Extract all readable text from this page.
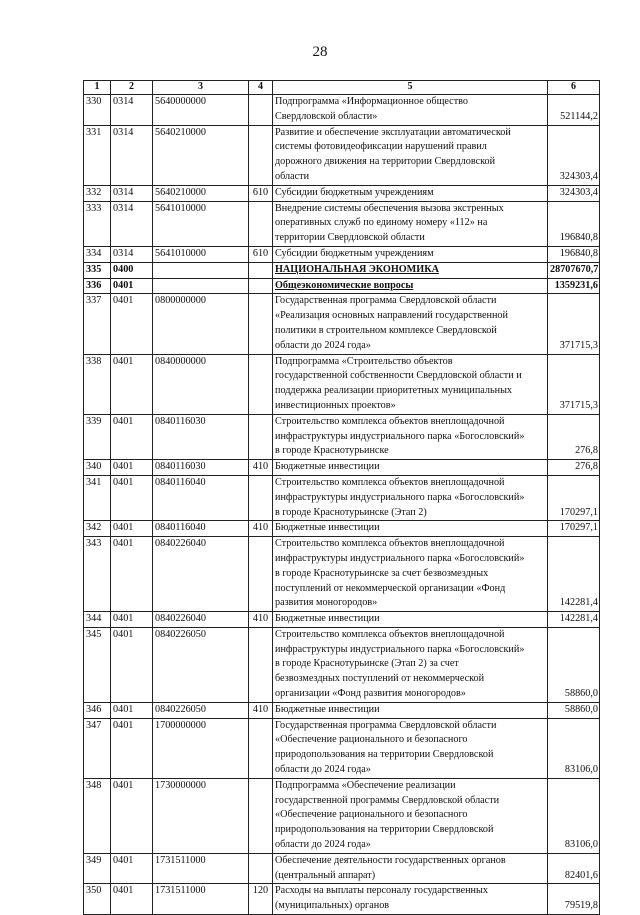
28
1	2	3	4	5	6
330	0314	5640000000		Подпрограмма «Информационное общество
Свердловской области»	521144,2
331	0314	5640210000		Развитие и обеспечение эксплуатации автоматической
системы фотовидеофиксации нарушений правил
дорожного движения на территории Свердловской
области	324303,4
332	0314	5640210000	610	Субсидии бюджетным учреждениям	324303,4
333	0314	5641010000		Внедрение системы обеспечения вызова экстренных
оперативных служб по единому номеру «112» на
территории Свердловской области	196840,8
334	0314	5641010000	610	Субсидии бюджетным учреждениям	196840,8
335	0400			НАЦИОНАЛЬНАЯ ЭКОНОМИКА	28707670,7
336	0401			Общеэкономические вопросы	1359231,6
337	0401	0800000000		Государственная программа Свердловской области
«Реализация основных направлений государственной
политики в строительном комплексе Свердловской
области до 2024 года»	371715,3
338	0401	0840000000		Подпрограмма «Строительство объектов
государственной собственности Свердловской области и
поддержка реализации приоритетных муниципальных
инвестиционных проектов»	371715,3
339	0401	0840116030		Строительство комплекса объектов внеплощадочной
инфраструктуры индустриального парка «Богословский»
в городе Краснотурьинске	276,8
340	0401	0840116030	410	Бюджетные инвестиции	276,8
341	0401	0840116040		Строительство комплекса объектов внеплощадочной
инфраструктуры индустриального парка «Богословский»
в городе Краснотурьинске (Этап 2)	170297,1
342	0401	0840116040	410	Бюджетные инвестиции	170297,1
343	0401	0840226040		Строительство комплекса объектов внеплощадочной
инфраструктуры индустриального парка «Богословский»
в городе Краснотурьинске за счет безвозмездных
поступлений от некоммерческой организации «Фонд
развития моногородов»	142281,4
344	0401	0840226040	410	Бюджетные инвестиции	142281,4
345	0401	0840226050		Строительство комплекса объектов внеплощадочной
инфраструктуры индустриального парка «Богословский»
в городе Краснотурьинске (Этап 2) за счет
безвозмездных поступлений от некоммерческой
организации «Фонд развития моногородов»	58860,0
346	0401	0840226050	410	Бюджетные инвестиции	58860,0
347	0401	1700000000		Государственная программа Свердловской области
«Обеспечение рационального и безопасного
природопользования на территории Свердловской
области до 2024 года»	83106,0
348	0401	1730000000		Подпрограмма «Обеспечение реализации
государственной программы Свердловской области
«Обеспечение рационального и безопасного
природопользования на территории Свердловской
области до 2024 года»	83106,0
349	0401	1731511000		Обеспечение деятельности государственных органов
(центральный аппарат)	82401,6
350	0401	1731511000	120	Расходы на выплаты персоналу государственных
(муниципальных) органов	79519,8
